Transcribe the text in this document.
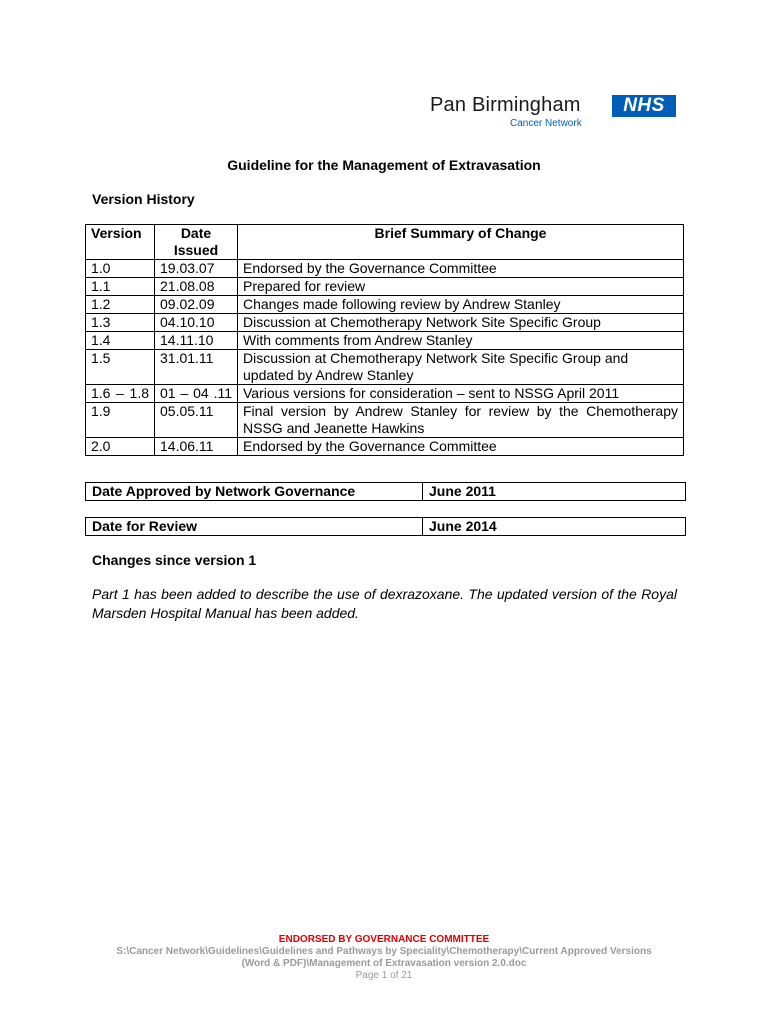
Pan Birmingham	NHS
Cancer Network
Guideline for the Management of Extravasation
Version History
Version	Date Issued	Brief Summary of Change
1.0	19.03.07	Endorsed by the Governance Committee
1.1	21.08.08	Prepared for review
1.2	09.02.09	Changes made following review by Andrew Stanley
1.3	04.10.10	Discussion at Chemotherapy Network Site Specific Group
1.4	14.11.10	With comments from Andrew Stanley
1.5	31.01.11	Discussion at Chemotherapy Network Site Specific Group and updated by Andrew Stanley
1.6 – 1.8	01 – 04 .11	Various versions for consideration – sent to NSSG April 2011
1.9	05.05.11	Final version by Andrew Stanley for review by the Chemotherapy NSSG and Jeanette Hawkins
2.0	14.06.11	Endorsed by the Governance Committee
Date Approved by Network Governance	June 2011
Date for Review	June 2014
Changes since version 1
Part 1 has been added to describe the use of dexrazoxane. The updated version of the Royal Marsden Hospital Manual has been added.
ENDORSED BY GOVERNANCE COMMITTEE
S:\Cancer Network\Guidelines\Guidelines and Pathways by Speciality\Chemotherapy\Current Approved Versions
(Word & PDF)\Management of Extravasation version 2.0.doc
Page 1 of 21
